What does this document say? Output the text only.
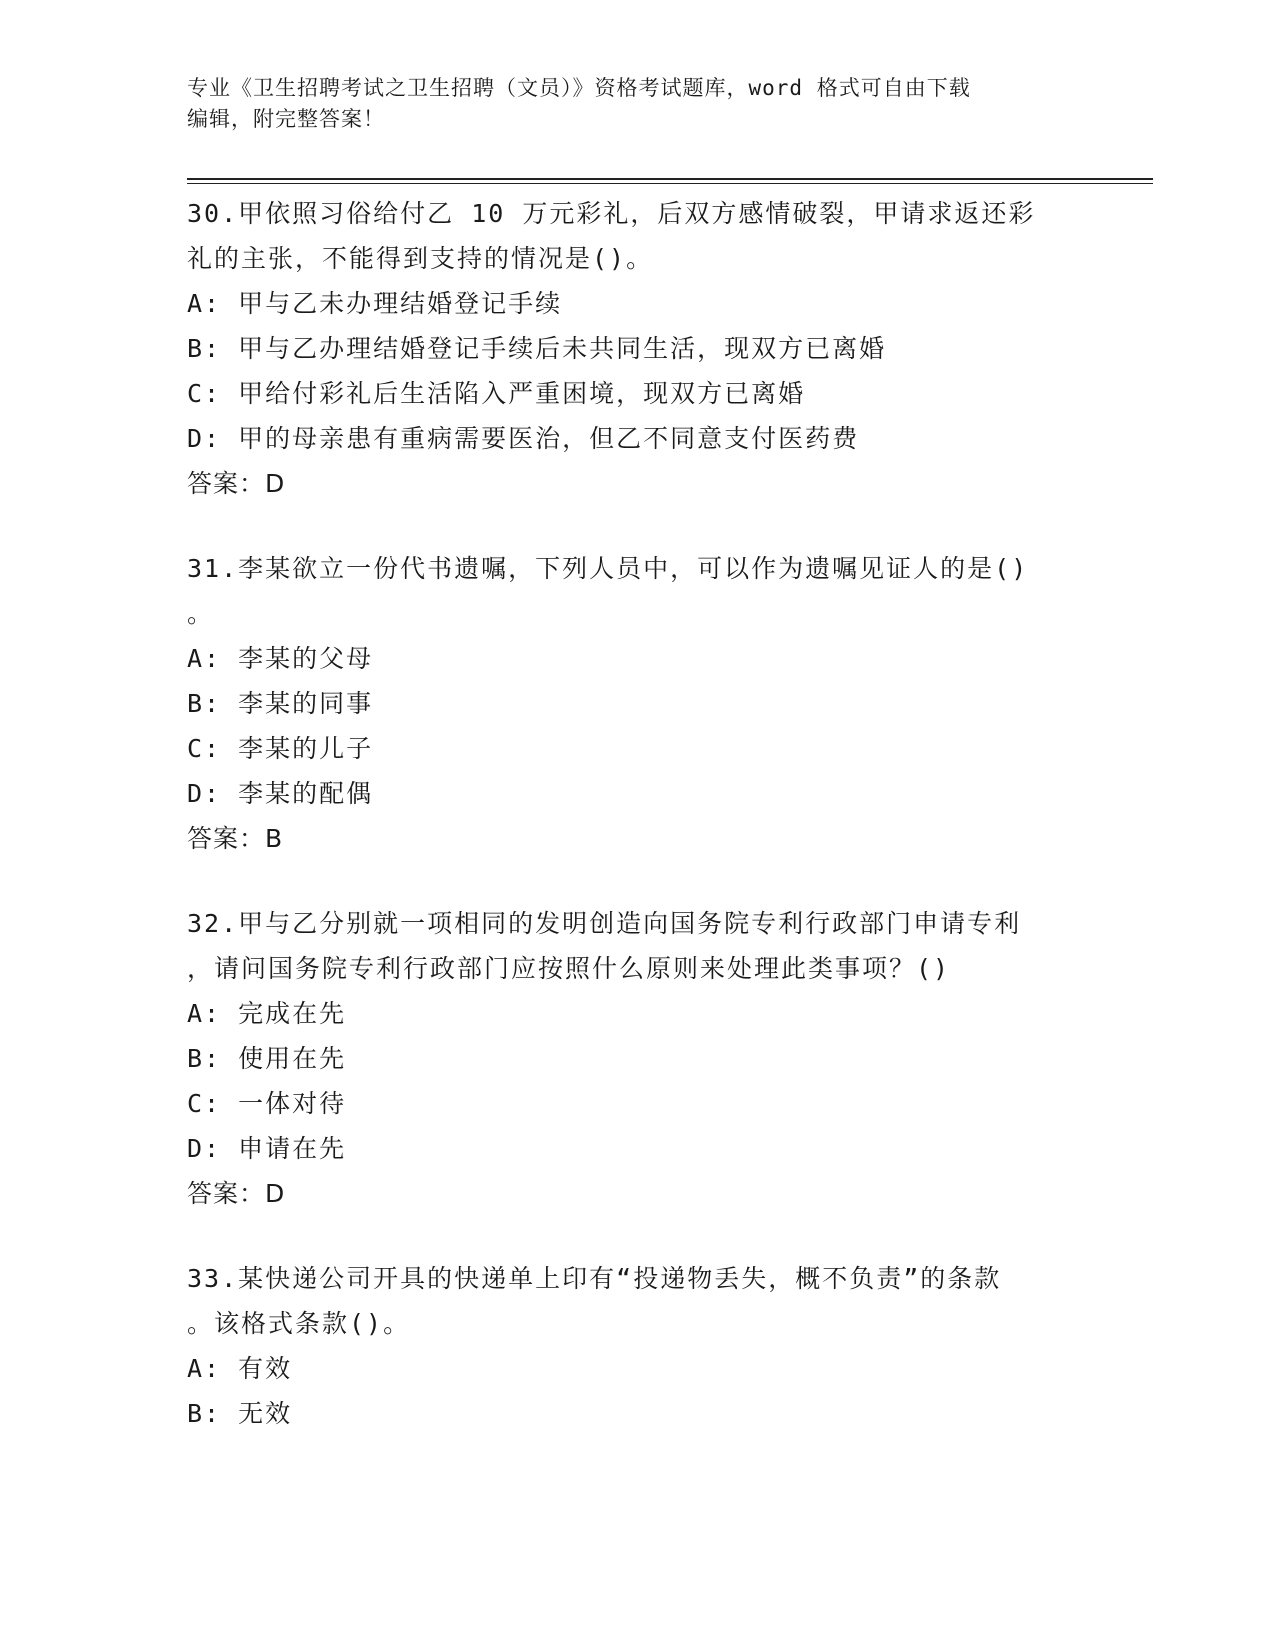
专业《卫生招聘考试之卫生招聘（文员）》资格考试题库，word 格式可自由下载
编辑，附完整答案！
30.甲依照习俗给付乙 10 万元彩礼，后双方感情破裂，甲请求返还彩
礼的主张，不能得到支持的情况是()。
A: 甲与乙未办理结婚登记手续
B: 甲与乙办理结婚登记手续后未共同生活，现双方已离婚
C: 甲给付彩礼后生活陷入严重困境，现双方已离婚
D: 甲的母亲患有重病需要医治，但乙不同意支付医药费
答案：D
31.李某欲立一份代书遗嘱，下列人员中，可以作为遗嘱见证人的是()
。
A: 李某的父母
B: 李某的同事
C: 李某的儿子
D: 李某的配偶
答案：B
32.甲与乙分别就一项相同的发明创造向国务院专利行政部门申请专利
，请问国务院专利行政部门应按照什么原则来处理此类事项？()
A: 完成在先
B: 使用在先
C: 一体对待
D: 申请在先
答案：D
33.某快递公司开具的快递单上印有“投递物丢失，概不负责”的条款
。该格式条款()。
A: 有效
B: 无效
